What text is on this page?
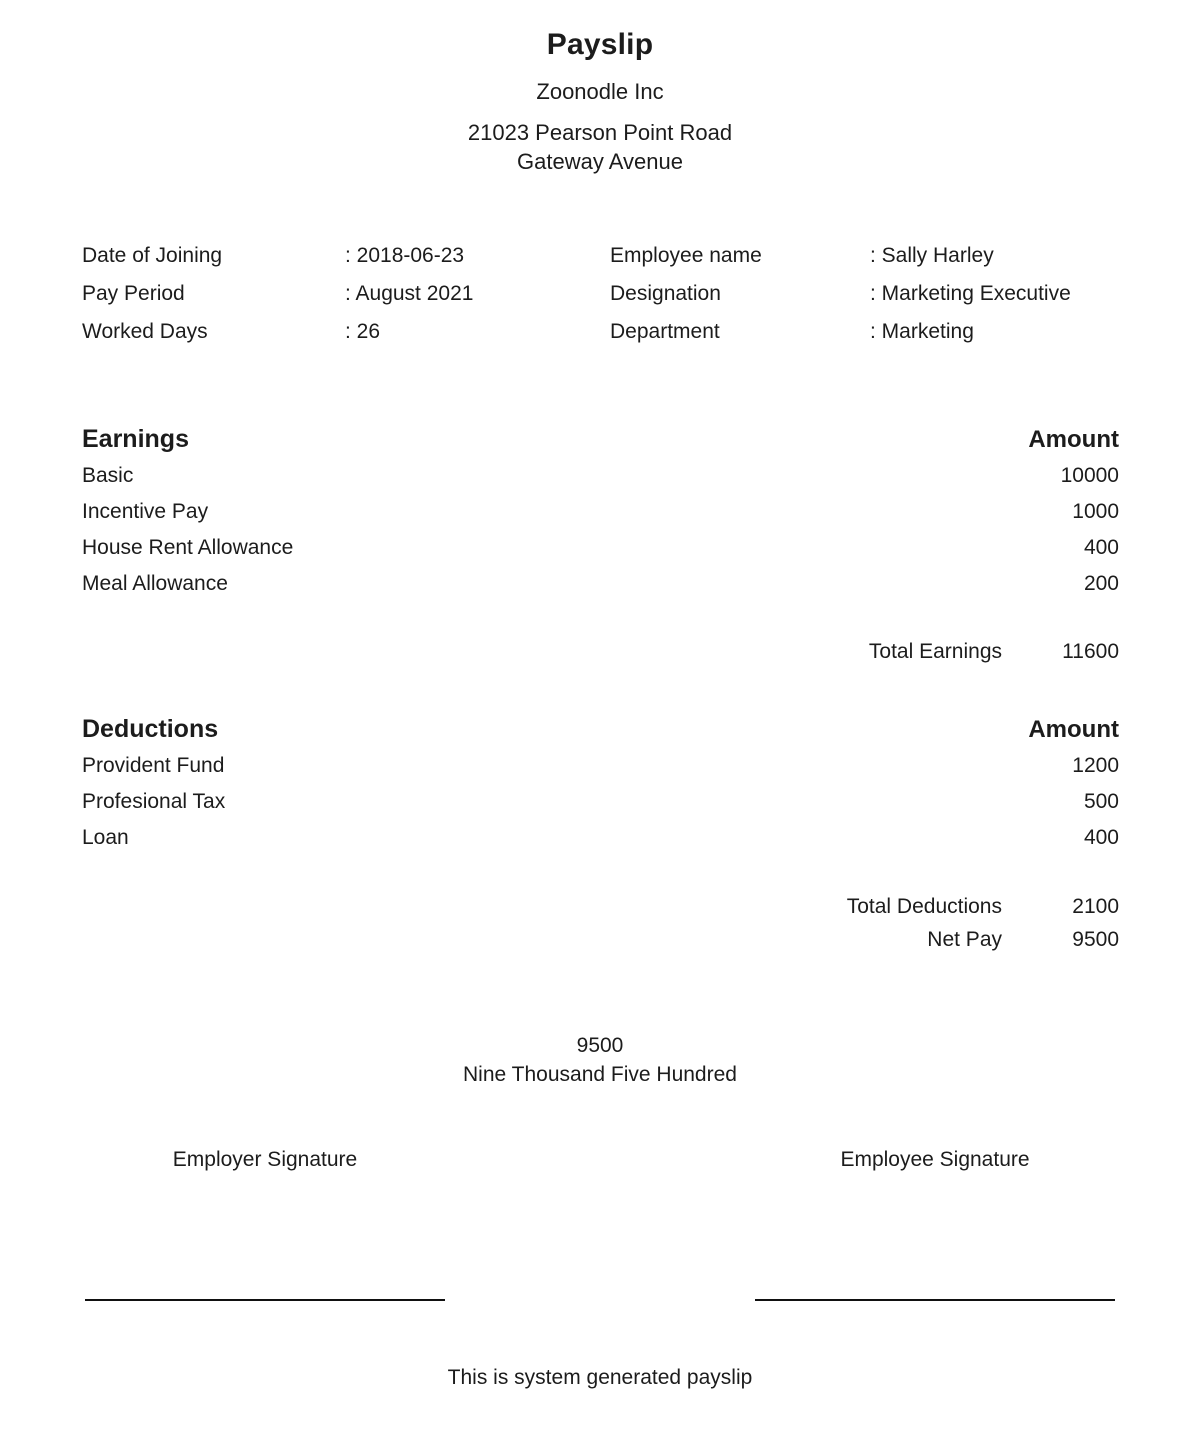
Payslip
Zoonodle Inc
21023 Pearson Point Road
Gateway Avenue
Date of Joining	: 2018-06-23	Employee name	: Sally Harley
Pay Period	: August 2021	Designation	: Marketing Executive
Worked Days	: 26	Department	: Marketing
Earnings	Amount
Basic	10000
Incentive Pay	1000
House Rent Allowance	400
Meal Allowance	200
Total Earnings	11600
Deductions	Amount
Provident Fund	1200
Profesional Tax	500
Loan	400
Total Deductions	2100
Net Pay	9500
9500
Nine Thousand Five Hundred
Employer Signature	Employee Signature
This is system generated payslip
